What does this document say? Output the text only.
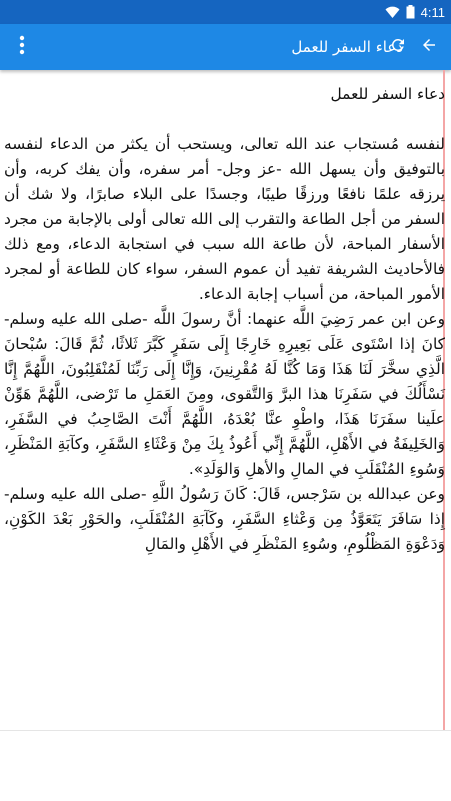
4:11
دعاء السفر للعمل

دعاء السفر للعمل

لنفسه مُستجاب عند الله تعالى، ويستحب أن يكثر من الدعاء لنفسه بالتوفيق وأن يسهل الله -عز وجل- أمر سفره، وأن يفك كربه، وأن يرزقه علمًا نافعًا ورزقًا طيبًا، وجسدًا على البلاء صابرًا، ولا شك أن السفر من أجل الطاعة والتقرب إلى الله تعالى أولى بالإجابة من مجرد الأسفار المباحة، لأن طاعة الله سبب في استجابة الدعاء، ومع ذلك فالأحاديث الشريفة تفيد أن عموم السفر، سواء كان للطاعة أو لمجرد الأمور المباحة، من أسباب إجابة الدعاء.

وعن ابن عمر رَضِيَ اللَّه عنهما: أنَّ رسولَ اللَّه -صلى الله عليه وسلم- كانَ إذا اسْتَوى عَلَى بَعِيرِهِ خَارِجًا إِلَى سَفَرٍ كَبَّرَ ثَلاثًا، ثُمَّ قَالَ: سُبْحانَ الَّذِي سخَّرَ لَنَا هَذَا وَمَا كُنَّا لَهُ مُقْرِنِينَ، وَإِنَّا إِلَى رَبِّنَا لَمُنْقَلِبُونَ، اللَّهُمَّ إِنَّا نَسْأَلُكَ في سَفَرِنَا هذا البرَّ وَالتَّقوى، ومِنَ العَمَلِ ما تَرْضى، اللَّهُمَّ هَوِّنْ علَينا سفَرَنَا هَذَا، واطْوِ عنَّا بُعْدَهُ، اللَّهُمَّ أَنْتَ الصَّاحِبُ في السَّفَرِ، وَالخَلِيفَةُ في الأَهْلِ، اللَّهُمَّ إِنِّي أَعُوذُ بِكَ مِنْ وَعْثَاءِ السَّفَرِ، وكآبَةِ المَنْظَرِ، وَسُوءِ المُنْقَلَبِ في المالِ والأهلِ وَالوَلَدِ».

وعن عبدالله بن سَرْجس، قَالَ: كَانَ رَسُولُ اللَّهِ -صلى الله عليه وسلم- إِذا سَافَرَ يَتَعَوَّذُ مِن وَعْثاءِ السَّفَرِ، وكَآبَةِ المُنْقَلَبِ، والحَوْرِ بَعْدَ الكَوْنِ، وَدَعْوَةِ المَظْلُومِ، وسُوءِ المَنْظَرِ في الأَهْلِ والمَالِ
